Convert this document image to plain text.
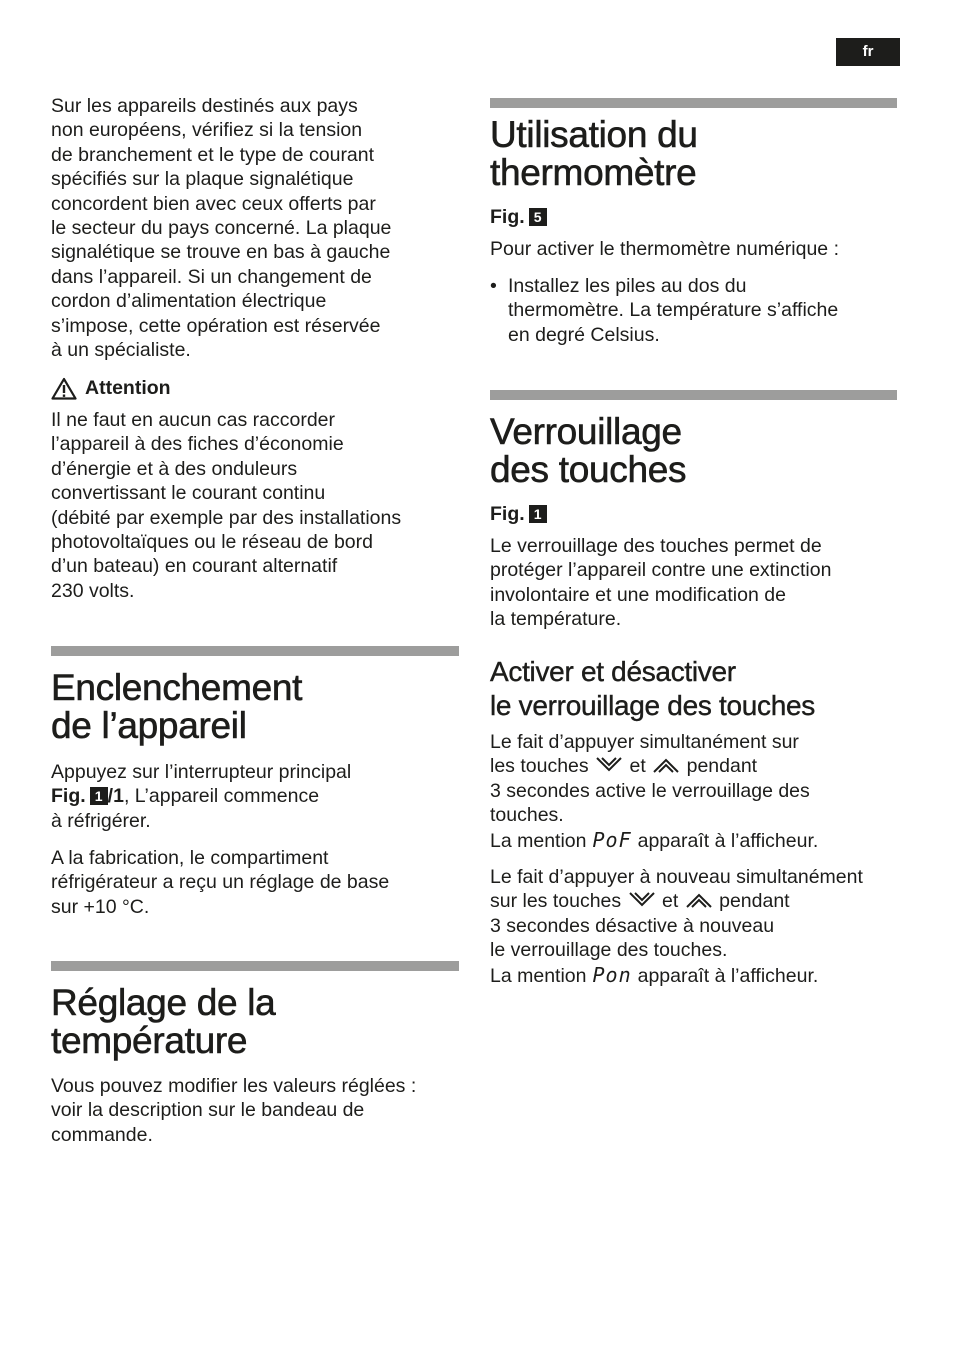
fr

Sur les appareils destinés aux pays

non européens, vérifiez si la tension

de branchement et le type de courant

spécifiés sur la plaque signalétique

concordent bien avec ceux offerts par

le secteur du pays concerné. La plaque

signalétique se trouve en bas à gauche

dans l’appareil. Si un changement de

cordon d’alimentation électrique

s’impose, cette opération est réservée

à un spécialiste.

Attention

Il ne faut en aucun cas raccorder

l’appareil à des fiches d’économie

d’énergie et à des onduleurs

convertissant le courant continu

(débité par exemple par des installations

photovoltaïques ou le réseau de bord

d’un bateau) en courant alternatif

230 volts.

Enclenchement
de l’appareil

Appuyez sur l’interrupteur principal

Fig. 1 /1, L’appareil commence

à réfrigérer.

A la fabrication, le compartiment

réfrigérateur a reçu un réglage de base

sur +10 °C.

Réglage de la
température

Vous pouvez modifier les valeurs réglées :

voir la description sur le bandeau de

commande.

Utilisation du
thermomètre
Fig. 5

Pour activer le thermomètre numérique :

• Installez les piles au dos du

thermomètre. La température s’affiche

en degré Celsius.

Verrouillage
des touches
Fig. 1

Le verrouillage des touches permet de

protéger l’appareil contre une extinction

involontaire et une modification de

la température.

Activer et désactiver
le verrouillage des touches

Le fait d’appuyer simultanément sur

les touches et pendant

3 secondes active le verrouillage des

touches.

La mention PoF apparaît à l’afficheur.

Le fait d’appuyer à nouveau simultanément

sur les touches et pendant

3 secondes désactive à nouveau

le verrouillage des touches.

La mention Pon apparaît à l’afficheur.
